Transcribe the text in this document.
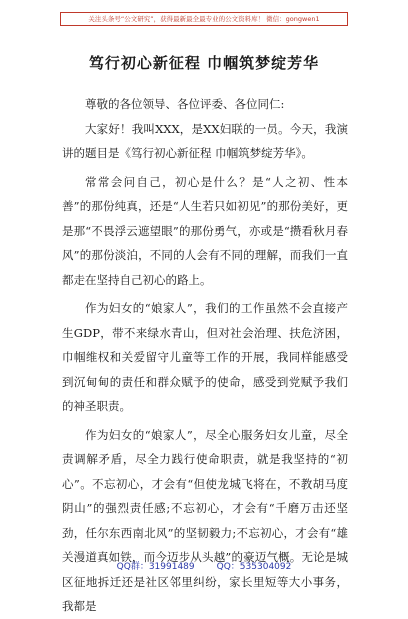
关注头条号“公文研究”，获得最新最全最专业的公文资料库！ 微信：gongwen1
笃行初心新征程 巾帼筑梦绽芳华

尊敬的各位领导、各位评委、各位同仁:

大家好！我叫XXX，是XX妇联的一员。今天，我演讲的题目是《笃行初心新征程 巾帼筑梦绽芳华》。

常常会问自己，初心是什么？是“人之初、性本善”的那份纯真，还是“人生若只如初见”的那份美好，更是那“不畏浮云遮望眼”的那份勇气，亦或是“攒看秋月春风”的那份淡泊，不同的人会有不同的理解，而我们一直都走在坚持自己初心的路上。

作为妇女的“娘家人”，我们的工作虽然不会直接产生GDP，带不来绿水青山，但对社会治理、扶危济困，巾帼维权和关爱留守儿童等工作的开展，我同样能感受到沉甸甸的责任和群众赋予的使命，感受到党赋予我们的神圣职责。

作为妇女的“娘家人”，尽全心服务妇女儿童，尽全责调解矛盾，尽全力践行使命职责，就是我坚持的“初心”。不忘初心，才会有“但使龙城飞将在，不教胡马度阴山”的强烈责任感;不忘初心，才会有“千磨万击还坚劲，任尔东西南北风”的坚韧毅力;不忘初心，才会有“雄关漫道真如铁，而今迈步从头越”的豪迈气概。无论是城区征地拆迁还是社区邻里纠纷，家长里短等大小事务，我都是

QQ群：31991489 QQ：535304092
